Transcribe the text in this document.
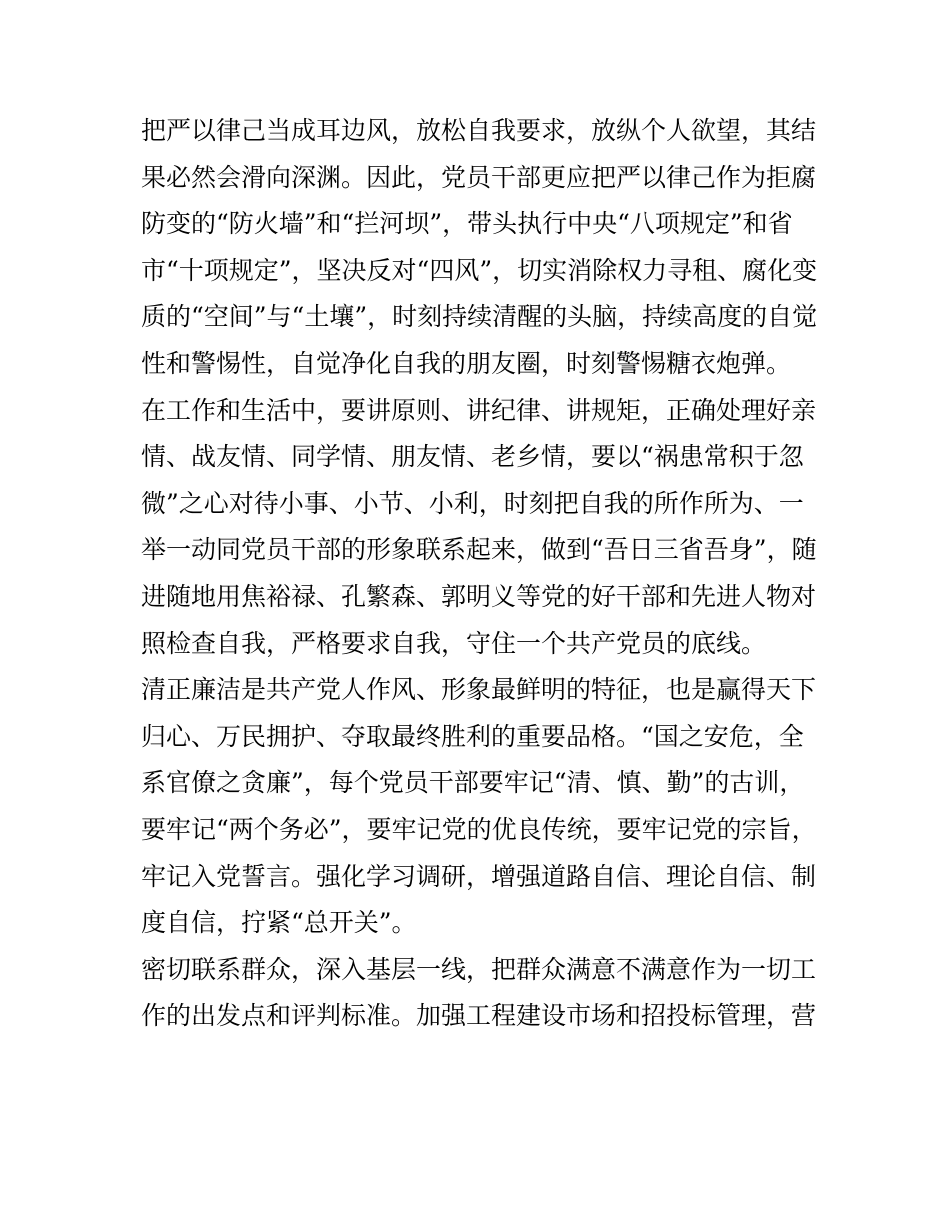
把严以律己当成耳边风，放松自我要求，放纵个人欲望，其结
果必然会滑向深渊。因此，党员干部更应把严以律己作为拒腐
防变的“防火墙”和“拦河坝”，带头执行中央“八项规定”和省
市“十项规定”，坚决反对“四风”，切实消除权力寻租、腐化变
质的“空间”与“土壤”，时刻持续清醒的头脑，持续高度的自觉
性和警惕性，自觉净化自我的朋友圈，时刻警惕糖衣炮弹。
在工作和生活中，要讲原则、讲纪律、讲规矩，正确处理好亲
情、战友情、同学情、朋友情、老乡情，要以“祸患常积于忽
微”之心对待小事、小节、小利，时刻把自我的所作所为、一
举一动同党员干部的形象联系起来，做到“吾日三省吾身”，随
进随地用焦裕禄、孔繁森、郭明义等党的好干部和先进人物对
照检查自我，严格要求自我，守住一个共产党员的底线。
清正廉洁是共产党人作风、形象最鲜明的特征，也是赢得天下
归心、万民拥护、夺取最终胜利的重要品格。“国之安危，全
系官僚之贪廉”，每个党员干部要牢记“清、慎、勤”的古训，
要牢记“两个务必”，要牢记党的优良传统，要牢记党的宗旨，
牢记入党誓言。强化学习调研，增强道路自信、理论自信、制
度自信，拧紧“总开关”。
密切联系群众，深入基层一线，把群众满意不满意作为一切工
作的出发点和评判标准。加强工程建设市场和招投标管理，营
